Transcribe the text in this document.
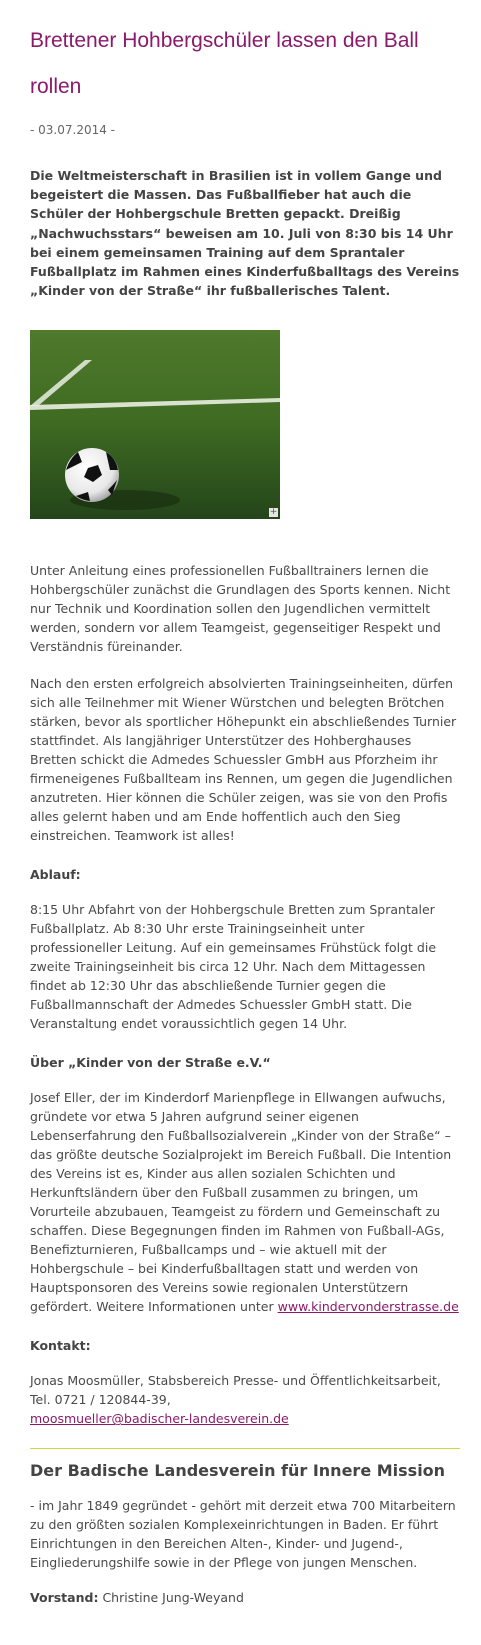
Brettener Hohbergschüler lassen den Ball rollen
- 03.07.2014 -

Die Weltmeisterschaft in Brasilien ist in vollem Gange und begeistert die Massen. Das Fußballfieber hat auch die Schüler der Hohbergschule Bretten gepackt. Dreißig „Nachwuchsstars“ beweisen am 10. Juli von 8:30 bis 14 Uhr bei einem gemeinsamen Training auf dem Sprantaler Fußballplatz im Rahmen eines Kinderfußballtags des Vereins „Kinder von der Straße“ ihr fußballerisches Talent.

+

Unter Anleitung eines professionellen Fußballtrainers lernen die Hohbergschüler zunächst die Grundlagen des Sports kennen. Nicht nur Technik und Koordination sollen den Jugendlichen vermittelt werden, sondern vor allem Teamgeist, gegenseitiger Respekt und Verständnis füreinander.

Nach den ersten erfolgreich absolvierten Trainingseinheiten, dürfen sich alle Teilnehmer mit Wiener Würstchen und belegten Brötchen stärken, bevor als sportlicher Höhepunkt ein abschließendes Turnier stattfindet. Als langjähriger Unterstützer des Hohberghauses Bretten schickt die Admedes Schuessler GmbH aus Pforzheim ihr firmeneigenes Fußballteam ins Rennen, um gegen die Jugendlichen anzutreten. Hier können die Schüler zeigen, was sie von den Profis alles gelernt haben und am Ende hoffentlich auch den Sieg einstreichen. Teamwork ist alles!

Ablauf:

8:15 Uhr Abfahrt von der Hohbergschule Bretten zum Sprantaler Fußballplatz. Ab 8:30 Uhr erste Trainingseinheit unter professioneller Leitung. Auf ein gemeinsames Frühstück folgt die zweite Trainingseinheit bis circa 12 Uhr. Nach dem Mittagessen findet ab 12:30 Uhr das abschließende Turnier gegen die Fußballmannschaft der Admedes Schuessler GmbH statt. Die Veranstaltung endet voraussichtlich gegen 14 Uhr.

Über „Kinder von der Straße e.V.“

Josef Eller, der im Kinderdorf Marienpflege in Ellwangen aufwuchs, gründete vor etwa 5 Jahren aufgrund seiner eigenen Lebenserfahrung den Fußballsozialverein „Kinder von der Straße“ – das größte deutsche Sozialprojekt im Bereich Fußball. Die Intention des Vereins ist es, Kinder aus allen sozialen Schichten und Herkunftsländern über den Fußball zusammen zu bringen, um Vorurteile abzubauen, Teamgeist zu fördern und Gemeinschaft zu schaffen. Diese Begegnungen finden im Rahmen von Fußball-AGs, Benefizturnieren, Fußballcamps und – wie aktuell mit der Hohbergschule – bei Kinderfußballtagen statt und werden von Hauptsponsoren des Vereins sowie regionalen Unterstützern gefördert. Weitere Informationen unter www.kindervonderstrasse.de

Kontakt:

Jonas Moosmüller, Stabsbereich Presse- und Öffentlichkeitsarbeit, Tel. 0721 / 120844-39,
moosmueller@badischer-landesverein.de

Der Badische Landesverein für Innere Mission

- im Jahr 1849 gegründet - gehört mit derzeit etwa 700 Mitarbeitern zu den größten sozialen Komplexeinrichtungen in Baden. Er führt Einrichtungen in den Bereichen Alten-, Kinder- und Jugend-, Eingliederungshilfe sowie in der Pflege von jungen Menschen.

Vorstand: Christine Jung-Weyand
